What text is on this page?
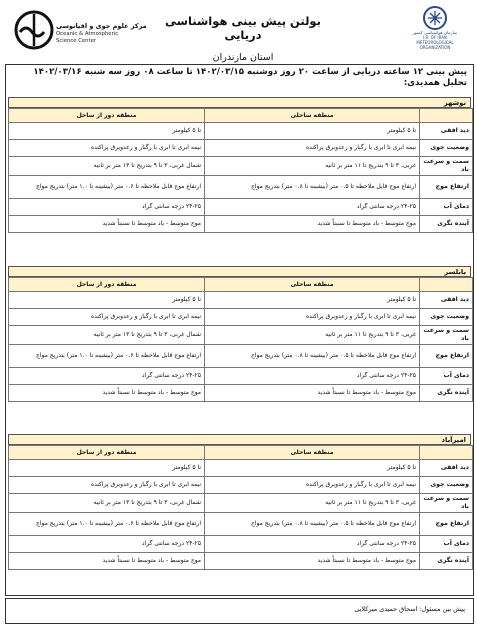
مرکز علوم جوی و اقیانوسی
Oceanic & Atmospheric
Science Center
بولتن پیش بینی هواشناسی دریایی
استان مازندران
سازمان هواشناسی کشور
I.R. OF IRAN
METEOROLOGICAL
ORGANIZATION
پیش بینی ۱۲ ساعته دریایی از ساعت ۲۰ روز دوشنبه ۱۴۰۲/۰۳/۱۵ تا ساعت ۰۸ روز سه شنبه ۱۴۰۲/۰۳/۱۶
تحلیل همدیدی:
نوشهر
	منطقه ساحلی	منطقه دور از ساحل
دید افقی	تا ۵ کیلومتر	تا ۵ کیلومتر
وضعیت جوی	نیمه ابری تا ابری با رگبار و رعدوبرق پراکنده	نیمه ابری تا ابری با رگبار و رعدوبرق پراکنده
سمت و سرعت باد	غربی، ۳ تا ۹ بتدریج تا ۱۱ متر بر ثانیه	شمال غربی، ۳ تا ۹ بتدریج تا ۱۳ متر بر ثانیه
ارتفاع موج	ارتفاع موج قابل ملاحظه تا ۰.۵ متر (بیشینه تا ۰.۸ متر) بتدریج مواج	ارتفاع موج قابل ملاحظه تا ۰.۶ متر (بیشینه تا ۱.۰ متر) بتدریج مواج
دمای آب	۲۴-۲۵ درجه سانتی گراد	۲۴-۲۵ درجه سانتی گراد
آینده نگری	موج متوسط - باد متوسط تا نسبتاً شدید	موج متوسط - باد متوسط تا نسبتاً شدید
بابلسر
	منطقه ساحلی	منطقه دور از ساحل
دید افقی	تا ۵ کیلومتر	تا ۵ کیلومتر
وضعیت جوی	نیمه ابری تا ابری با رگبار و رعدوبرق پراکنده	نیمه ابری تا ابری با رگبار و رعدوبرق پراکنده
سمت و سرعت باد	غربی، ۳ تا ۹ بتدریج تا ۱۱ متر بر ثانیه	شمال غربی، ۳ تا ۹ بتدریج تا ۱۳ متر بر ثانیه
ارتفاع موج	ارتفاع موج قابل ملاحظه تا ۰.۵ متر (بیشینه تا ۰.۸ متر) بتدریج مواج	ارتفاع موج قابل ملاحظه تا ۰.۶ متر (بیشینه تا ۱.۰ متر) بتدریج مواج
دمای آب	۲۴-۲۵ درجه سانتی گراد	۲۴-۲۵ درجه سانتی گراد
آینده نگری	موج متوسط - باد متوسط تا نسبتاً شدید	موج متوسط - باد متوسط تا نسبتاً شدید
امیرآباد
	منطقه ساحلی	منطقه دور از ساحل
دید افقی	تا ۵ کیلومتر	تا ۵ کیلومتر
وضعیت جوی	نیمه ابری تا ابری با رگبار و رعدوبرق پراکنده	نیمه ابری تا ابری با رگبار و رعدوبرق پراکنده
سمت و سرعت باد	غربی، ۳ تا ۹ بتدریج تا ۱۱ متر بر ثانیه	شمال غربی، ۳ تا ۹ بتدریج تا ۱۳ متر بر ثانیه
ارتفاع موج	ارتفاع موج قابل ملاحظه تا ۰.۵ متر (بیشینه تا ۰.۸ متر) بتدریج مواج	ارتفاع موج قابل ملاحظه تا ۰.۶ متر (بیشینه تا ۱.۰ متر) بتدریج مواج
دمای آب	۲۴-۲۵ درجه سانتی گراد	۲۴-۲۵ درجه سانتی گراد
آینده نگری	موج متوسط - باد متوسط تا نسبتاً شدید	موج متوسط - باد متوسط تا نسبتاً شدید
پیش بین مسئول: اسحاق حمیدی میرکلایی
